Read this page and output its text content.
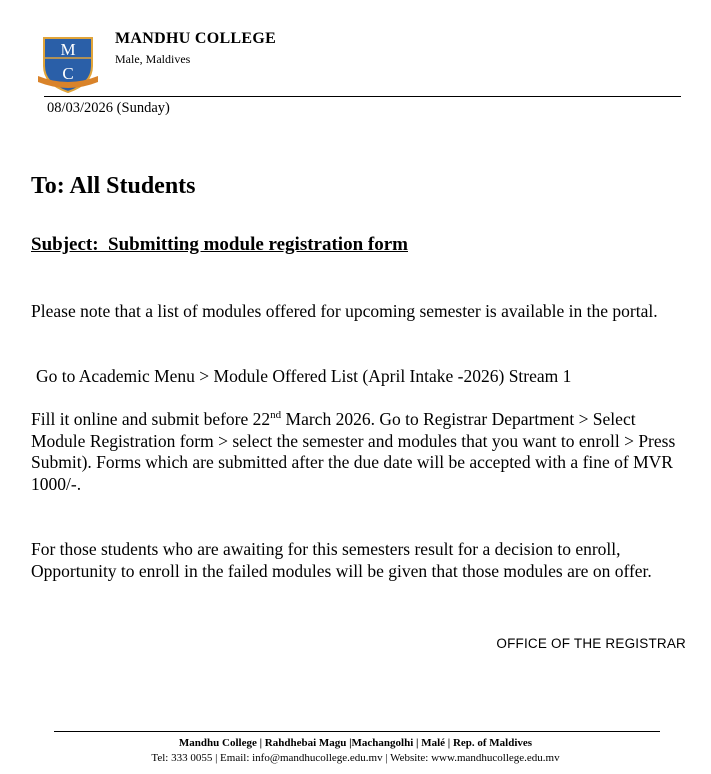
M
C
MANDHU COLLEGE
Male, Maldives
08/03/2026 (Sunday)
To: All Students
Subject:  Submitting module registration form
Please note that a list of modules offered for upcoming semester is available in the portal.
Go to Academic Menu > Module Offered List (April Intake -2026) Stream 1
Fill it online and submit before 22nd March 2026. Go to Registrar Department > Select Module Registration form > select the semester and modules that you want to enroll > Press Submit). Forms which are submitted after the due date will be accepted with a fine of MVR 1000/-.
For those students who are awaiting for this semesters result for a decision to enroll, Opportunity to enroll in the failed modules will be given that those modules are on offer.
OFFICE OF THE REGISTRAR
Mandhu College | Rahdhebai Magu |Machangolhi | Malé | Rep. of Maldives
Tel: 333 0055 | Email: info@mandhucollege.edu.mv | Website: www.mandhucollege.edu.mv
